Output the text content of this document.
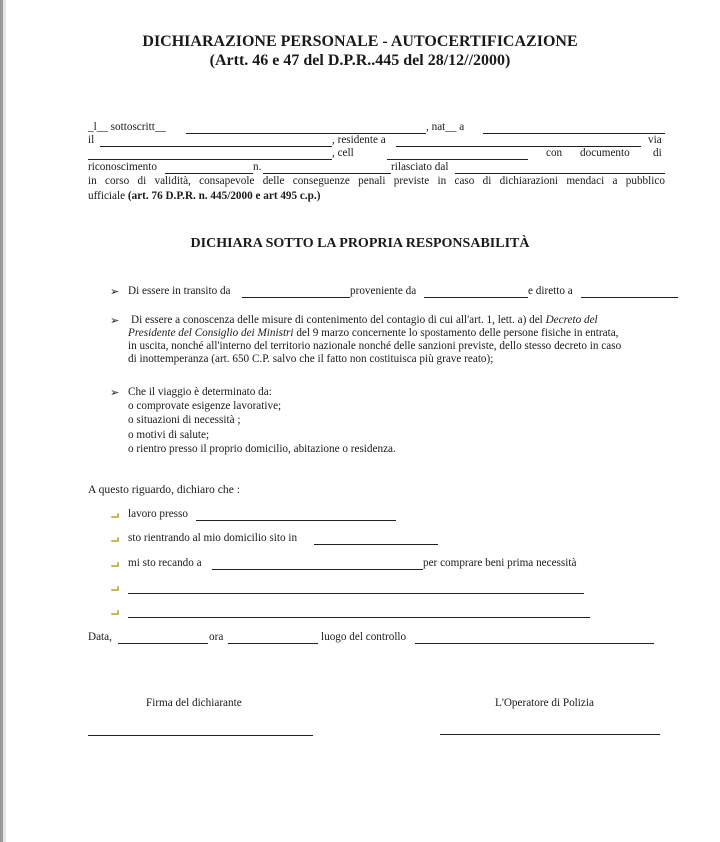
DICHIARAZIONE PERSONALE - AUTOCERTIFICAZIONE
(Artt. 46 e 47 del D.P.R..445 del 28/12//2000)
_l__ sottoscritt__	, nat__ a
il	, residente a	via
, cell	con documento di
riconoscimento	n.	rilasciato dal
in corso di validità, consapevole delle conseguenze penali previste in caso di dichiarazioni mendaci a pubblico
ufficiale (art. 76 D.P.R. n. 445/2000 e art 495 c.p.)
DICHIARA SOTTO LA PROPRIA RESPONSABILITÀ
➢ Di essere in transito da	proveniente da	e diretto a
➢	Di essere a conoscenza delle misure di contenimento del contagio di cui all'art. 1, lett. a) del Decreto del
Presidente del Consiglio dei Ministri del 9 marzo concernente lo spostamento delle persone fisiche in entrata,
in uscita, nonché all'interno del territorio nazionale nonché delle sanzioni previste, dello stesso decreto in caso
di inottemperanza (art. 650 C.P. salvo che il fatto non costituisca più grave reato);
➢ Che il viaggio è determinato da:
o comprovate esigenze lavorative;
o situazioni di necessità ;
o motivi di salute;
o rientro presso il proprio domicilio, abitazione o residenza.
A questo riguardo, dichiaro che :
lavoro presso
sto rientrando al mio domicilio sito in
mi sto recando a	per comprare beni prima necessità
Data,	ora	luogo del controllo
Firma del dichiarante	L'Operatore di Polizia
